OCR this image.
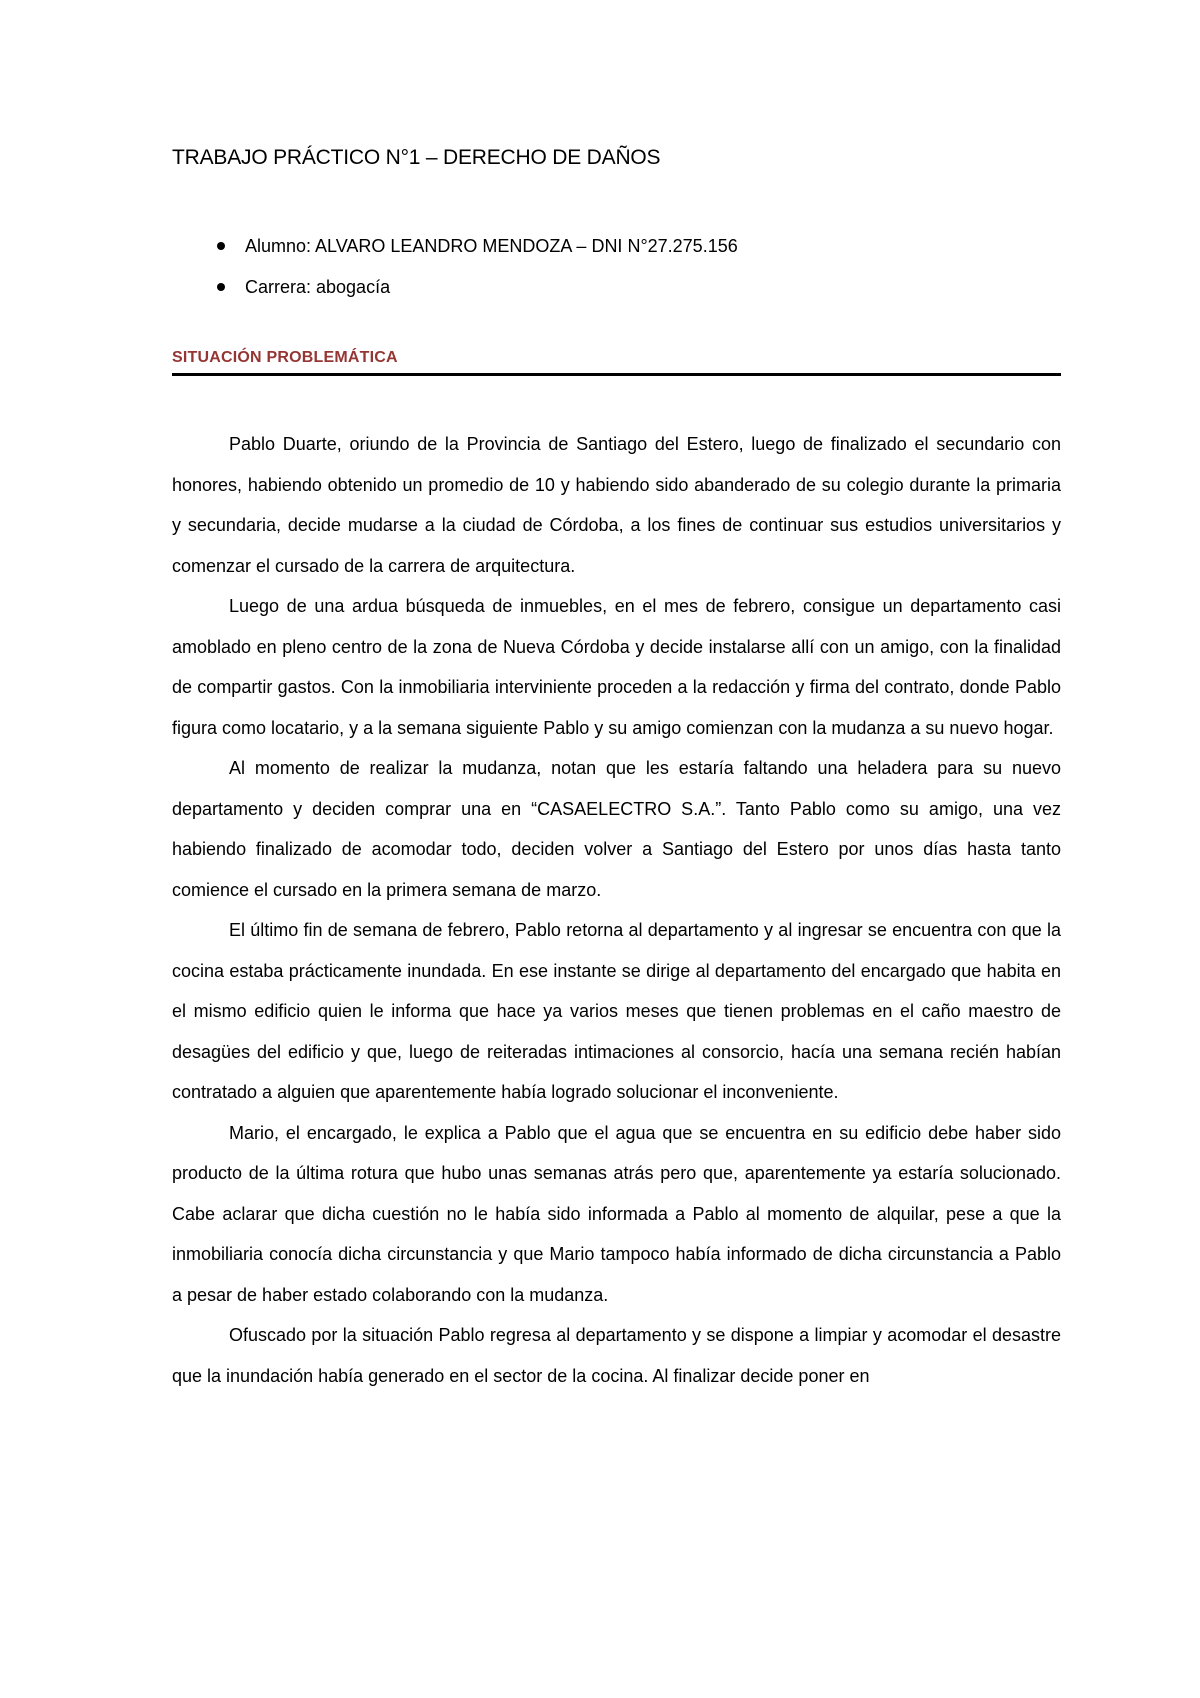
TRABAJO PRÁCTICO N°1 – DERECHO DE DAÑOS
Alumno: ALVARO LEANDRO MENDOZA – DNI N°27.275.156
Carrera: abogacía
SITUACIÓN PROBLEMÁTICA

Pablo Duarte, oriundo de la Provincia de Santiago del Estero, luego de finalizado el secundario con honores, habiendo obtenido un promedio de 10 y habiendo sido abanderado de su colegio durante la primaria y secundaria, decide mudarse a la ciudad de Córdoba, a los fines de continuar sus estudios universitarios y comenzar el cursado de la carrera de arquitectura.

Luego de una ardua búsqueda de inmuebles, en el mes de febrero, consigue un departamento casi amoblado en pleno centro de la zona de Nueva Córdoba y decide instalarse allí con un amigo, con la finalidad de compartir gastos. Con la inmobiliaria interviniente proceden a la redacción y firma del contrato, donde Pablo figura como locatario, y a la semana siguiente Pablo y su amigo comienzan con la mudanza a su nuevo hogar.

Al momento de realizar la mudanza, notan que les estaría faltando una heladera para su nuevo departamento y deciden comprar una en “CASAELECTRO S.A.”. Tanto Pablo como su amigo, una vez habiendo finalizado de acomodar todo, deciden volver a Santiago del Estero por unos días hasta tanto comience el cursado en la primera semana de marzo.

El último fin de semana de febrero, Pablo retorna al departamento y al ingresar se encuentra con que la cocina estaba prácticamente inundada. En ese instante se dirige al departamento del encargado que habita en el mismo edificio quien le informa que hace ya varios meses que tienen problemas en el caño maestro de desagües del edificio y que, luego de reiteradas intimaciones al consorcio, hacía una semana recién habían contratado a alguien que aparentemente había logrado solucionar el inconveniente.

Mario, el encargado, le explica a Pablo que el agua que se encuentra en su edificio debe haber sido producto de la última rotura que hubo unas semanas atrás pero que, aparentemente ya estaría solucionado. Cabe aclarar que dicha cuestión no le había sido informada a Pablo al momento de alquilar, pese a que la inmobiliaria conocía dicha circunstancia y que Mario tampoco había informado de dicha circunstancia a Pablo a pesar de haber estado colaborando con la mudanza.

Ofuscado por la situación Pablo regresa al departamento y se dispone a limpiar y acomodar el desastre que la inundación había generado en el sector de la cocina. Al finalizar decide poner en
